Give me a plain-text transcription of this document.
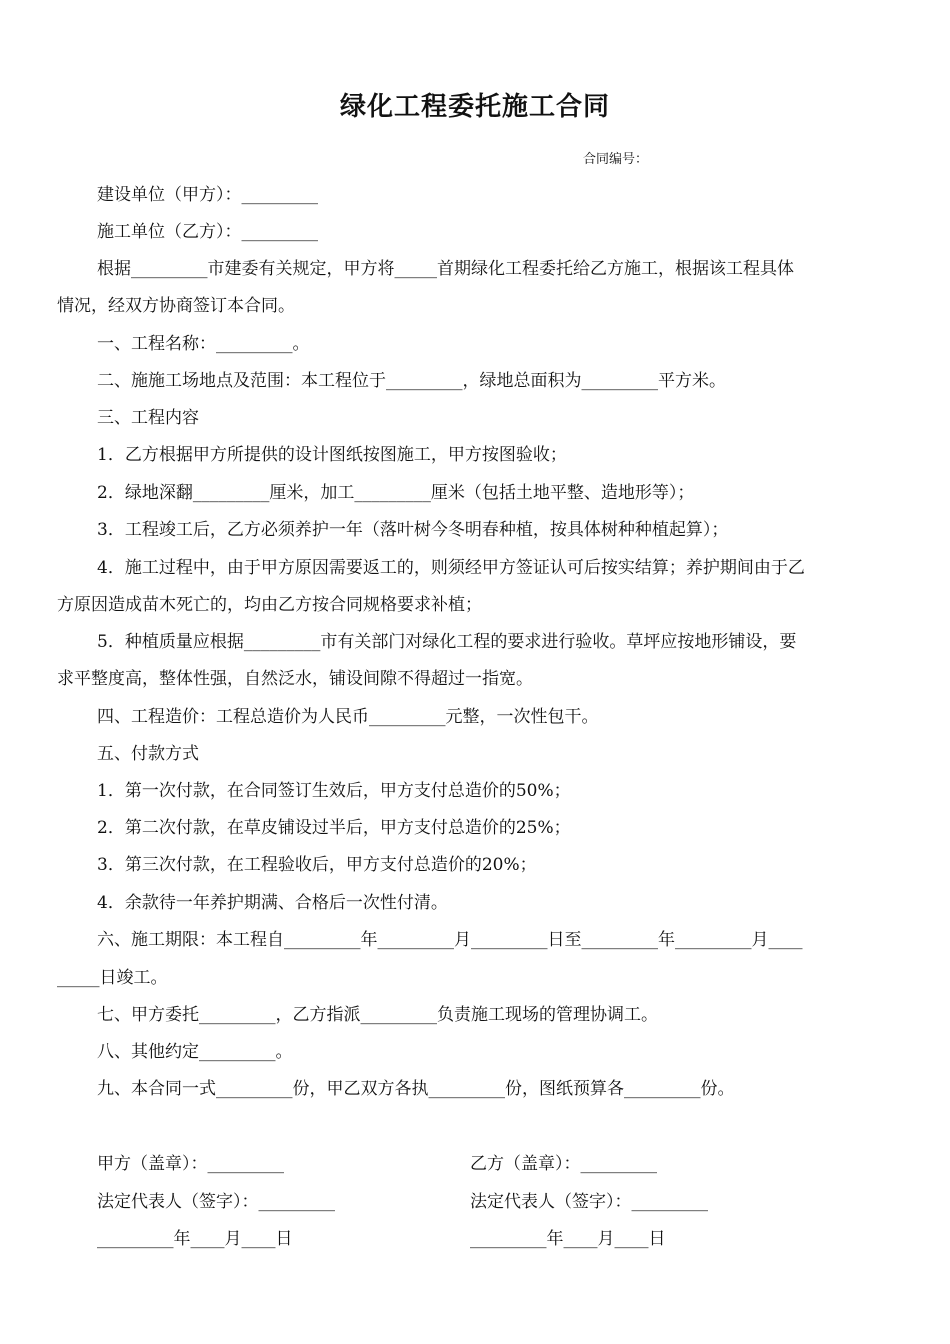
绿化工程委托施工合同
合同编号：
建设单位（甲方）：_________
施工单位（乙方）：_________
根据_________市建委有关规定，甲方将_____首期绿化工程委托给乙方施工，根据该工程具体
情况，经双方协商签订本合同。
一、工程名称：_________。
二、施施工场地点及范围：本工程位于_________，绿地总面积为_________平方米。
三、工程内容
1．乙方根据甲方所提供的设计图纸按图施工，甲方按图验收；
2．绿地深翻_________厘米，加工_________厘米（包括土地平整、造地形等）；
3．工程竣工后，乙方必须养护一年（落叶树今冬明春种植，按具体树种种植起算）；
4．施工过程中，由于甲方原因需要返工的，则须经甲方签证认可后按实结算；养护期间由于乙
方原因造成苗木死亡的，均由乙方按合同规格要求补植；
5．种植质量应根据_________市有关部门对绿化工程的要求进行验收。草坪应按地形铺设，要
求平整度高，整体性强，自然泛水，铺设间隙不得超过一指宽。
四、工程造价：工程总造价为人民币_________元整，一次性包干。
五、付款方式
1．第一次付款，在合同签订生效后，甲方支付总造价的50%；
2．第二次付款，在草皮铺设过半后，甲方支付总造价的25%；
3．第三次付款，在工程验收后，甲方支付总造价的20%；
4．余款待一年养护期满、合格后一次性付清。
六、施工期限：本工程自_________年_________月_________日至_________年_________月____
_____日竣工。
七、甲方委托_________，乙方指派_________负责施工现场的管理协调工。
八、其他约定_________。
九、本合同一式_________份，甲乙双方各执_________份，图纸预算各_________份。
甲方（盖章）：_________	乙方（盖章）：_________
法定代表人（签字）：_________	法定代表人（签字）：_________
_________年____月____日	_________年____月____日
